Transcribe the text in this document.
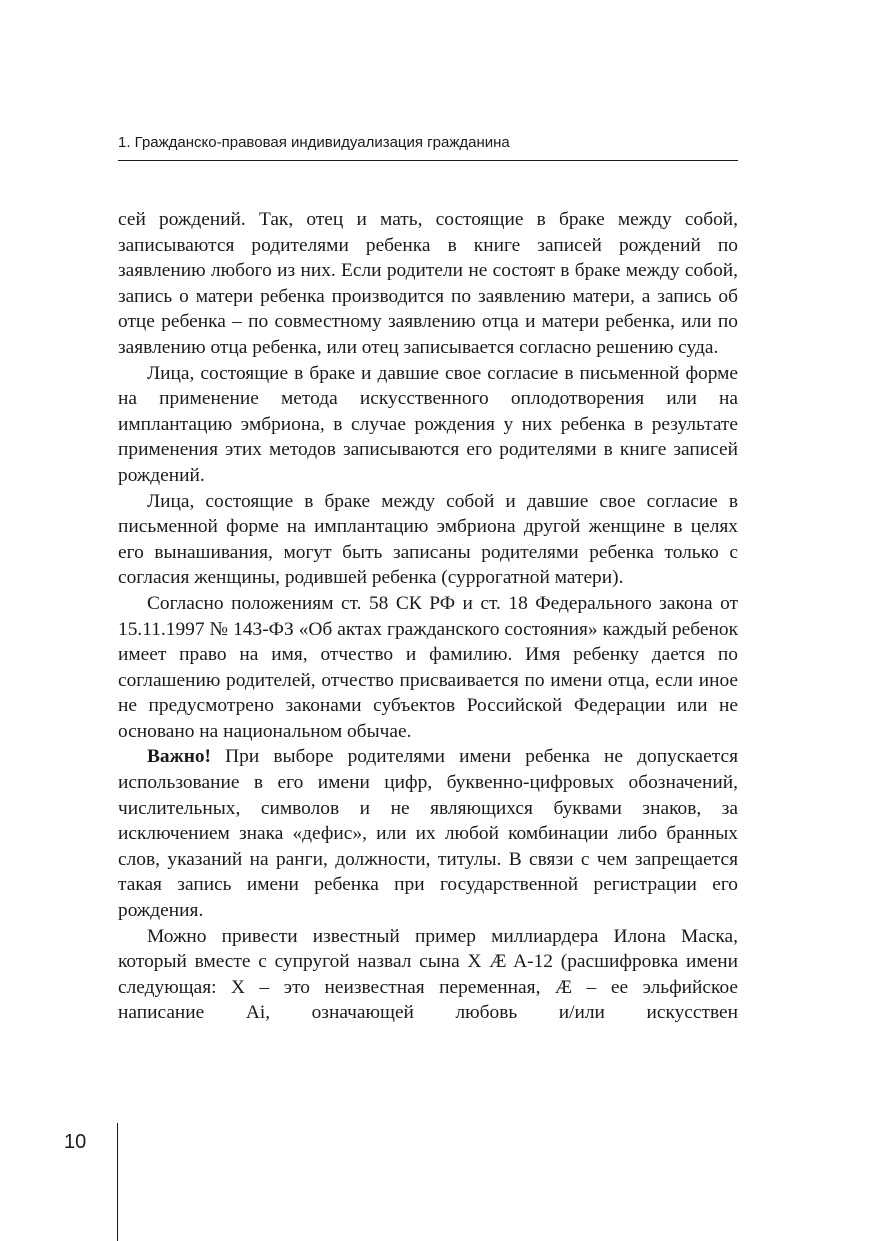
1. Гражданско-правовая индивидуализация гражданина

сей рождений. Так, отец и мать, состоящие в браке между собой, записываются родителями ребенка в книге записей рождений по заявлению любого из них. Если родители не состоят в браке между собой, запись о матери ребенка производится по заявлению матери, а запись об отце ребенка – по совместному заявлению отца и матери ребенка, или по заявлению отца ребенка, или отец записывается согласно решению суда.

Лица, состоящие в браке и давшие свое согласие в письменной форме на применение метода искусственного оплодотворения или на имплантацию эмбриона, в случае рождения у них ребенка в результате применения этих методов записываются его родителями в книге записей рождений.

Лица, состоящие в браке между собой и давшие свое согласие в письменной форме на имплантацию эмбриона другой женщине в целях его вынашивания, могут быть записаны родителями ребенка только с согласия женщины, родившей ребенка (суррогатной матери).

Согласно положениям ст. 58 СК РФ и ст. 18 Федерального закона от 15.11.1997 № 143-ФЗ «Об актах гражданского состояния» каждый ребенок имеет право на имя, отчество и фамилию. Имя ребенку дается по соглашению родителей, отчество присваивается по имени отца, если иное не предусмотрено законами субъектов Российской Федерации или не основано на национальном обычае.

Важно! При выборе родителями имени ребенка не допускается использование в его имени цифр, буквенно-цифровых обозначений, числительных, символов и не являющихся буквами знаков, за исключением знака «дефис», или их любой комбинации либо бранных слов, указаний на ранги, должности, титулы. В связи с чем запрещается такая запись имени ребенка при государственной регистрации его рождения.

Можно привести известный пример миллиардера Илона Маска, который вместе с супругой назвал сына X Æ A-12 (расшифровка имени следующая: X – это неизвестная переменная, Æ – ее эльфийское написание Ai, означающей любовь и/или искусствен

10
